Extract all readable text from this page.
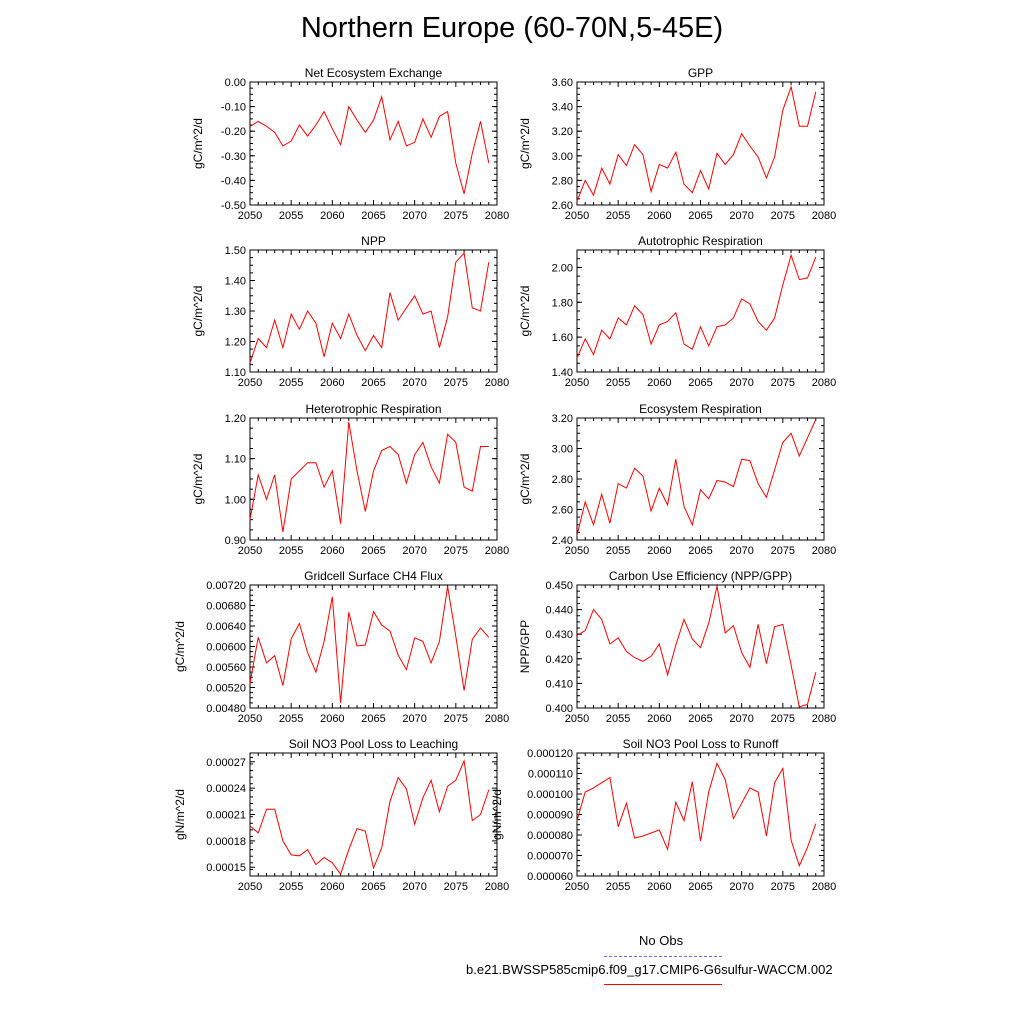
Northern Europe (60-70N,5-45E)
2050 2055 2060 2065 2070 2075 2080
-0.50
-0.40
-0.30
-0.20
-0.10
0.00
Net Ecosystem Exchange
gC/m^2/d
2050 2055 2060 2065 2070 2075 2080
2.60
2.80
3.00
3.20
3.40
3.60
GPP
gC/m^2/d
2050 2055 2060 2065 2070 2075 2080
1.10
1.20
1.30
1.40
1.50
NPP
gC/m^2/d
2050 2055 2060 2065 2070 2075 2080
1.40
1.60
1.80
2.00
Autotrophic Respiration
gC/m^2/d
2050 2055 2060 2065 2070 2075 2080
0.90
1.00
1.10
1.20
Heterotrophic Respiration
gC/m^2/d
2050 2055 2060 2065 2070 2075 2080
2.40
2.60
2.80
3.00
3.20
Ecosystem Respiration
gC/m^2/d
2050 2055 2060 2065 2070 2075 2080
0.00480
0.00520
0.00560
0.00600
0.00640
0.00680
0.00720
Gridcell Surface CH4 Flux
gC/m^2/d
2050 2055 2060 2065 2070 2075 2080
0.400
0.410
0.420
0.430
0.440
0.450
Carbon Use Efficiency (NPP/GPP)
NPP/GPP
2050 2055 2060 2065 2070 2075 2080
0.00015
0.00018
0.00021
0.00024
0.00027
Soil NO3 Pool Loss to Leaching
gN/m^2/d
2050 2055 2060 2065 2070 2075 2080
0.000060
0.000070
0.000080
0.000090
0.000100
0.000110
0.000120
Soil NO3 Pool Loss to Runoff
gN/m^2/d
No Obs
b.e21.BWSSP585cmip6.f09_g17.CMIP6-G6sulfur-WACCM.002
